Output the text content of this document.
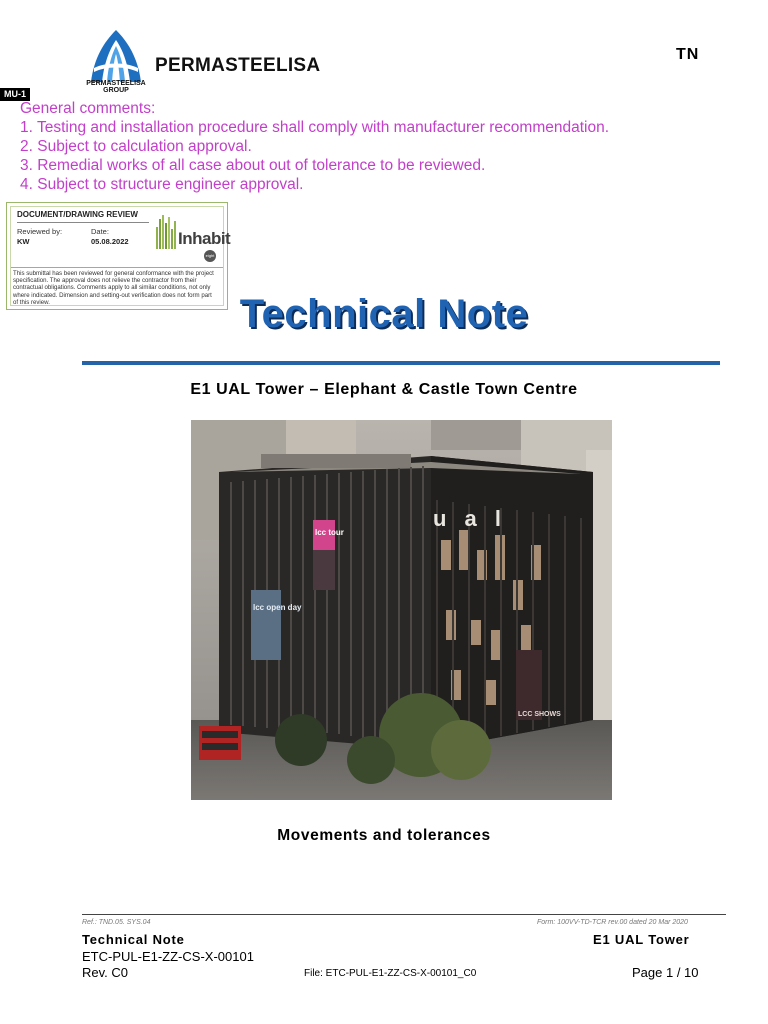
PERMASTEELISA
GROUP
PERMASTEELISA
TN
MU-1
General comments:
1. Testing and installation procedure shall comply with manufacturer recommendation.
2. Subject to calculation approval.
3. Remedial works of all case about out of tolerance to be reviewed.
4. Subject to structure engineer approval.
DOCUMENT/DRAWING REVIEW
Reviewed by:	Date:
KW	05.08.2022	Inhabit
eight
This submittal has been reviewed for general conformance with the project specification. The approval does not relieve the contractor from their contractual obligations. Comments apply to all similar conditions, not only where indicated. Dimension and setting-out verification does not form part of this review.	Technical Note
E1 UAL Tower – Elephant & Castle Town Centre
u a l
lcc tour
lcc open day
LCC SHOWS
Movements and tolerances
Ref.: TND.05. SYS.04	Form: 100VV-TD-TCR rev.00 dated 20 Mar 2020
Technical Note	E1 UAL Tower
ETC-PUL-E1-ZZ-CS-X-00101
Rev. C0	File: ETC-PUL-E1-ZZ-CS-X-00101_C0	Page 1 / 10
